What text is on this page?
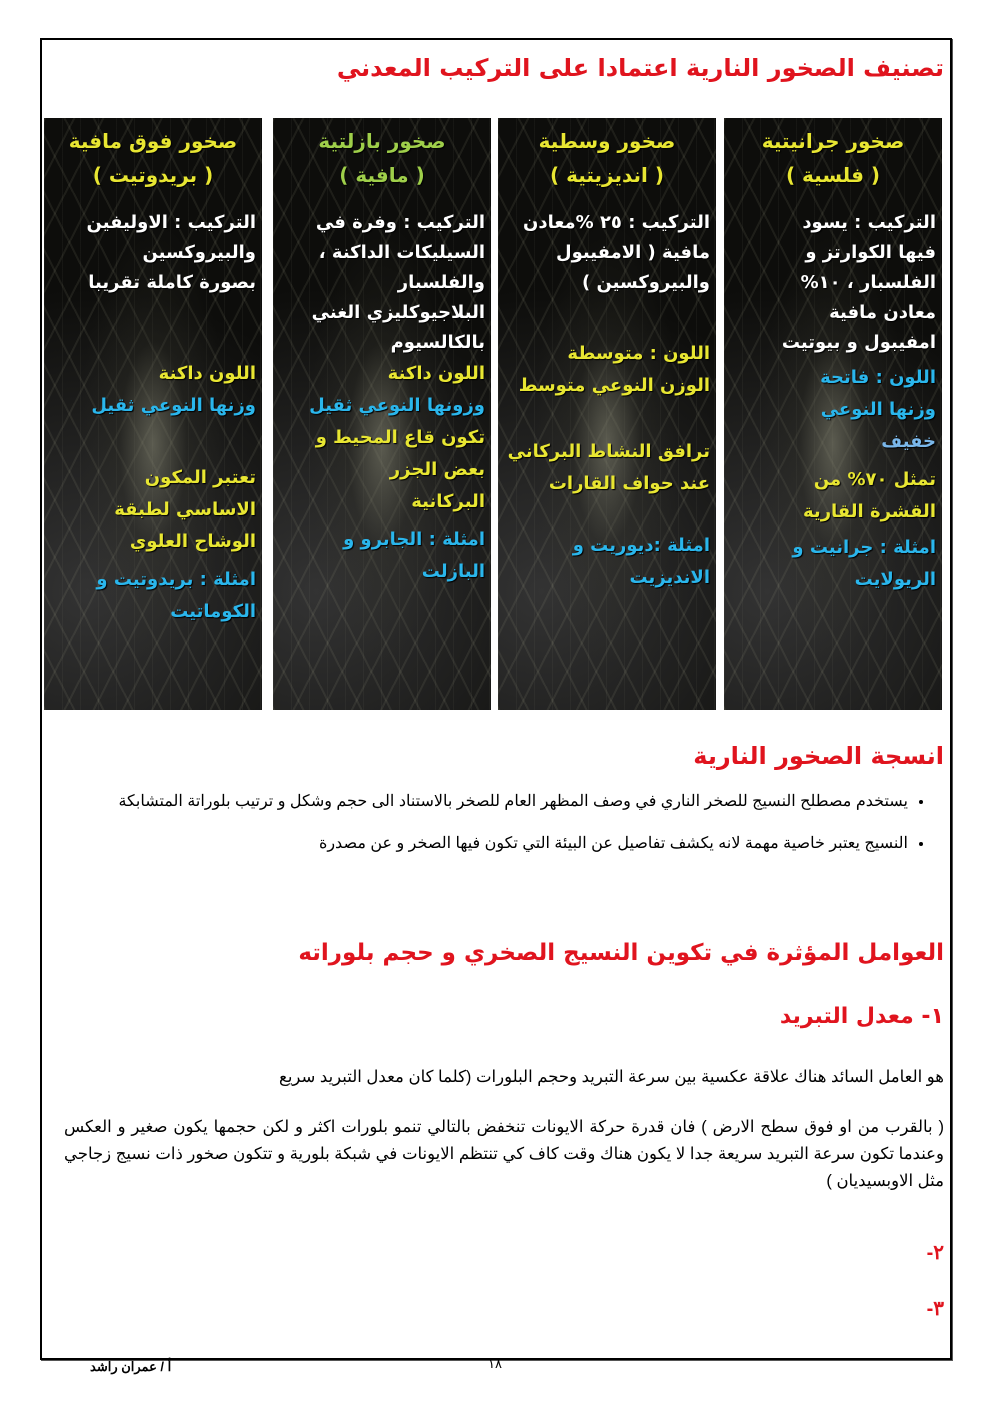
تصنيف الصخور النارية اعتمادا على التركيب المعدني
صخور جرانيتية
( فلسية )
التركيب : يسود
فيها الكوارتز و
الفلسبار ، ١٠%
معادن مافية
امفيبول و بيوتيت
اللون : فاتحة
وزنها النوعي
خفيف
تمثل ٧٠% من
القشرة القارية
امثلة : جرانيت و
الريولايت
صخور وسطية
( انديزيتية )
التركيب : ٢٥ %معادن
مافية ( الامفيبول
والبيروكسين )
اللون : متوسطة
الوزن النوعي متوسط
ترافق النشاط البركاني
عند حواف القارات
امثلة :ديوريت و
الانديزيت
صخور بازلتية
( مافية )
التركيب : وفرة في
السيليكات الداكنة ،
والفلسبار
البلاجيوكليزي الغني
بالكالسيوم
اللون داكنة
وزونها النوعي ثقيل
تكون قاع المحيط و
بعض الجزر
البركانية
امثلة : الجابرو و
البازلت
صخور فوق مافية
( بريدوتيت )
التركيب : الاوليفين
والبيروكسين
بصورة كاملة تقريبا
اللون داكنة
وزنها النوعي ثقيل
تعتبر المكون
الاساسي لطبقة
الوشاح العلوي
امثلة : بريدوتيت و
الكوماتيت
انسجة الصخور النارية
• يستخدم مصطلح النسيج للصخر الناري في وصف المظهر العام للصخر بالاستناد الى حجم وشكل و ترتيب بلوراتة المتشابكة
• النسيج يعتبر خاصية مهمة لانه يكشف تفاصيل عن البيئة التي تكون فيها الصخر و عن مصدرة
العوامل المؤثرة في تكوين النسيج الصخري و حجم بلوراته
١- معدل التبريد
هو العامل السائد هناك علاقة عكسية بين سرعة التبريد وحجم البلورات (كلما كان معدل التبريد سريع
( بالقرب من او فوق سطح الارض ) فان قدرة حركة الايونات تنخفض بالتالي تنمو بلورات اكثر و لكن حجمها يكون صغير و العكس وعندما تكون سرعة التبريد سريعة جدا لا يكون هناك وقت كاف كي تنتظم الايونات في شبكة بلورية و تتكون صخور ذات نسيج زجاجي مثل الاوبسيديان )
٢-
٣-
١٨
أ / عمران راشد
